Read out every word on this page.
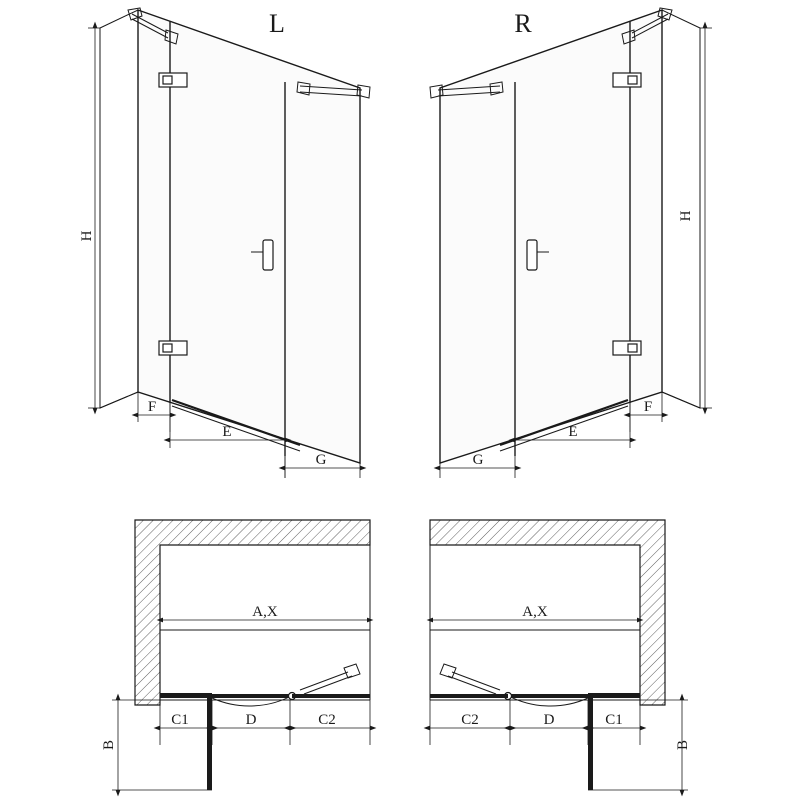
H
F
E
G
L
H
G
E
F
R
A,X
B
C1	D	C2
A,X
B
C2	D	C1
